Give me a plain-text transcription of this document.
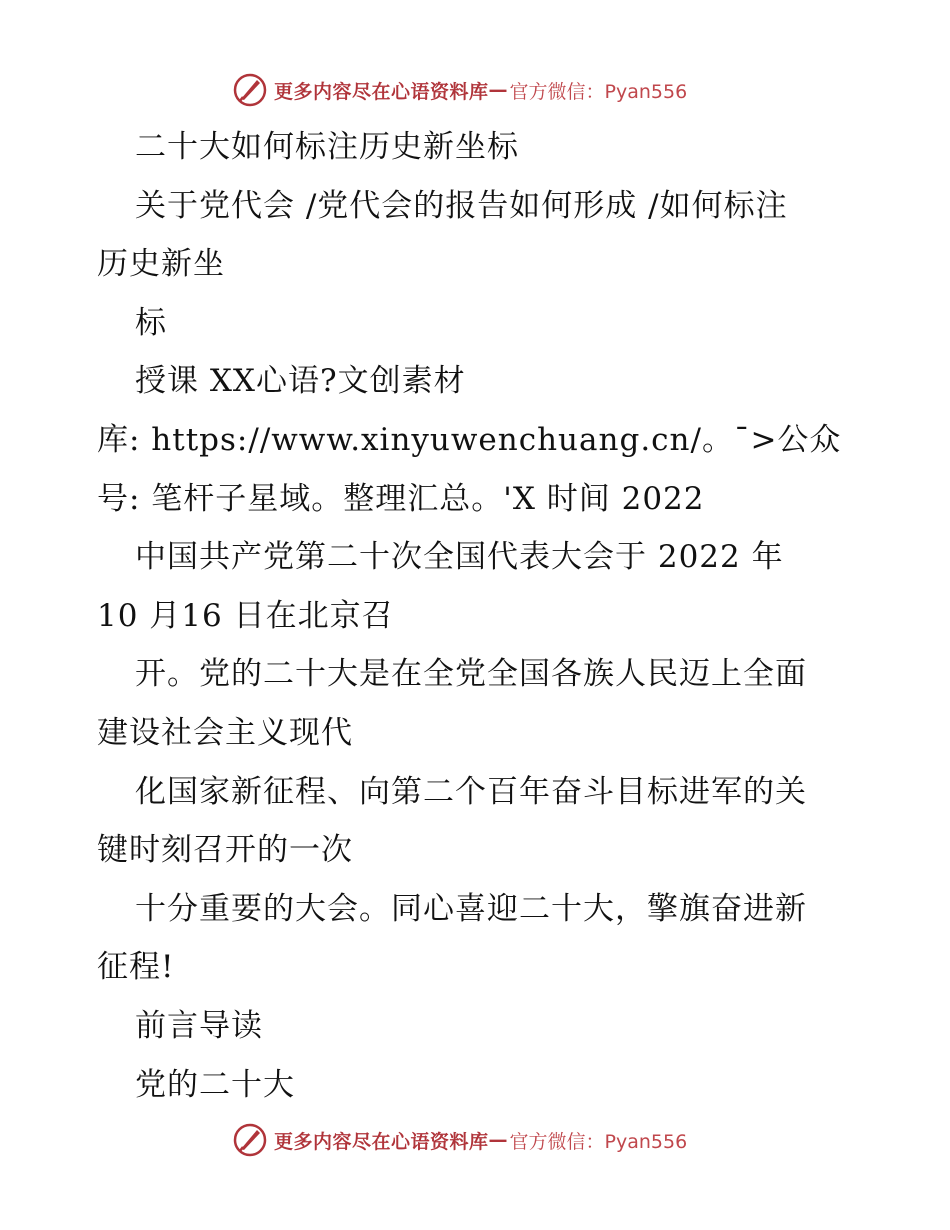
更多内容尽在心语资料库 — 官方微信：Pyan556
二十大如何标注历史新坐标
关于党代会 /党代会的报告如何形成 /如何标注
历史新坐
标
授课 XX心语?文创素材
库: https://www.xinyuwenchuang.cn/。¯>公众
号: 笔杆子星域。整理汇总。'X 时间 2022
中国共产党第二十次全国代表大会于 2022 年
10 月16 日在北京召
开。党的二十大是在全党全国各族人民迈上全面
建设社会主义现代
化国家新征程、向第二个百年奋斗目标进军的关
键时刻召开的一次
十分重要的大会。同心喜迎二十大，擎旗奋进新
征程!
前言导读
党的二十大
更多内容尽在心语资料库 — 官方微信：Pyan556
